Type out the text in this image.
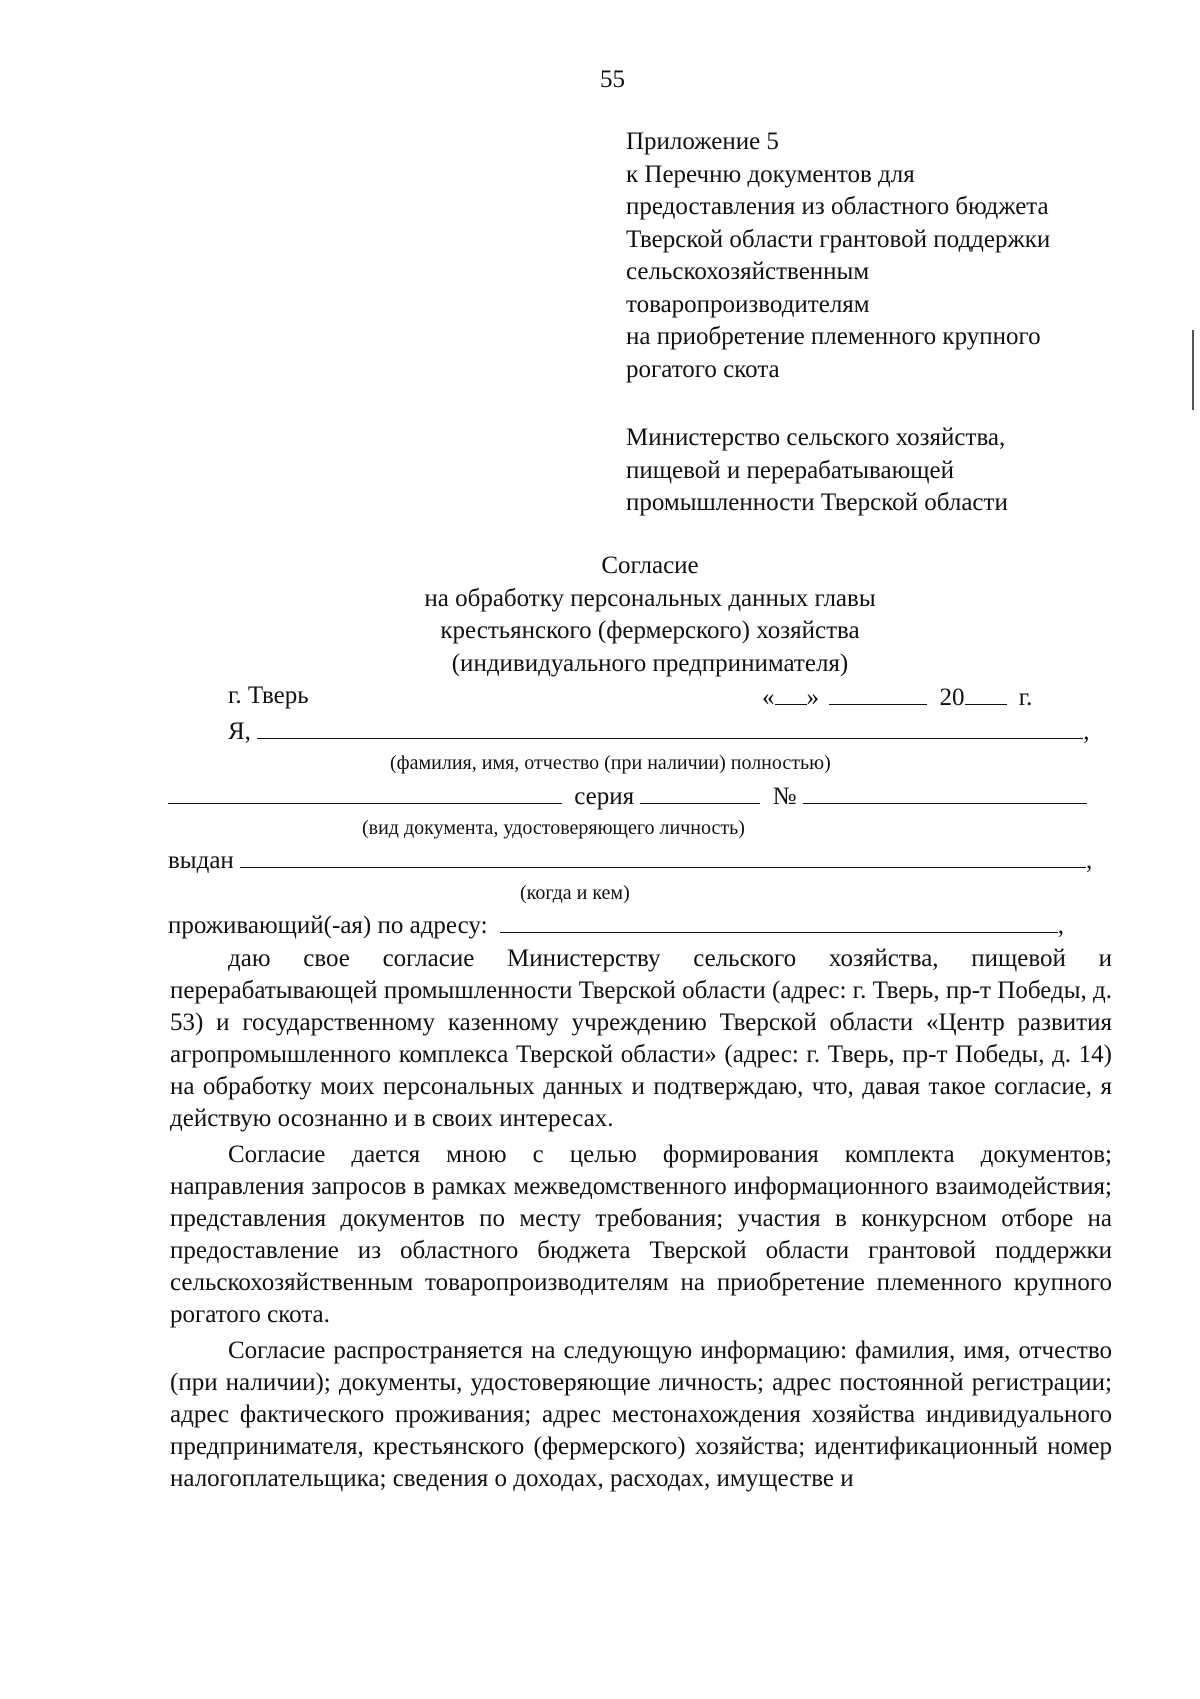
55
Приложение 5
к Перечню документов для
предоставления из областного бюджета
Тверской области грантовой поддержки
сельскохозяйственным
товаропроизводителям
на приобретение племенного крупного
рогатого скота
Министерство сельского хозяйства,
пищевой и перерабатывающей
промышленности Тверской области
Согласие
на обработку персональных данных главы
крестьянского (фермерского) хозяйства
(индивидуального предпринимателя)
г. Тверь	« »	20 г.
Я,	,
(фамилия, имя, отчество (при наличии) полностью)
серия	№
(вид документа, удостоверяющего личность)
выдан	,
(когда и кем)
проживающий(-ая) по адресу:	,

даю свое согласие Министерству сельского хозяйства, пищевой и перерабатывающей промышленности Тверской области (адрес: г. Тверь, пр-т Победы, д. 53) и государственному казенному учреждению Тверской области «Центр развития агропромышленного комплекса Тверской области» (адрес: г. Тверь, пр-т Победы, д. 14) на обработку моих персональных данных и подтверждаю, что, давая такое согласие, я действую осознанно и в своих интересах.

Согласие дается мною с целью формирования комплекта документов; направления запросов в рамках межведомственного информационного взаимодействия; представления документов по месту требования; участия в конкурсном отборе на предоставление из областного бюджета Тверской области грантовой поддержки сельскохозяйственным товаропроизводителям на приобретение племенного крупного рогатого скота.

Согласие распространяется на следующую информацию: фамилия, имя, отчество (при наличии); документы, удостоверяющие личность; адрес постоянной регистрации; адрес фактического проживания; адрес местонахождения хозяйства индивидуального предпринимателя, крестьянского (фермерского) хозяйства; идентификационный номер налогоплательщика; сведения о доходах, расходах, имуществе и
